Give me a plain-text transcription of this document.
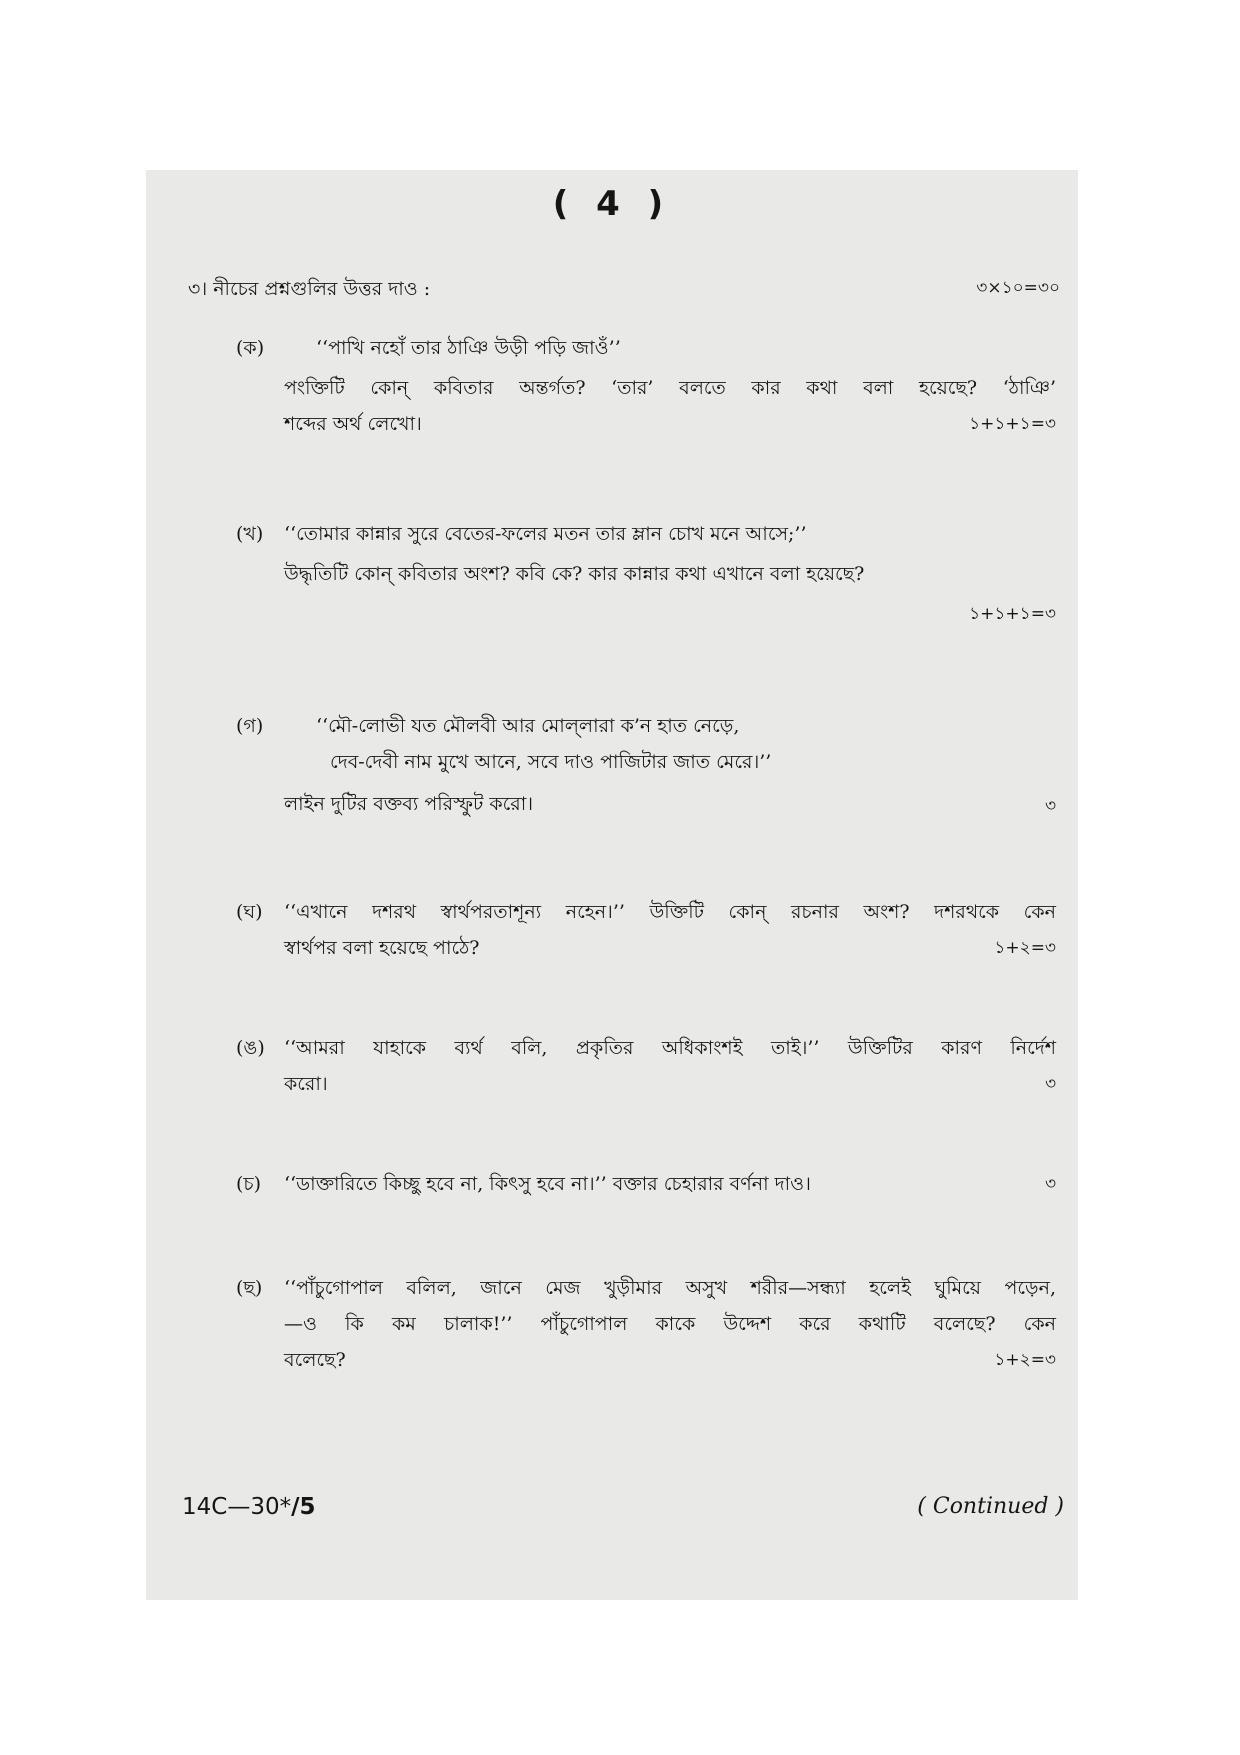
( 4 )
৩। নীচের প্রশ্নগুলির উত্তর দাও :	৩×১০=৩০
(ক)	‘‘পাখি নহোঁ তার ঠাঞি উড়ী পড়ি জাওঁ’’
পংক্তিটি কোন্ কবিতার অন্তর্গত? ‘তার’ বলতে কার কথা বলা হয়েছে? ‘ঠাঞি’
শব্দের অর্থ লেখো।	১+১+১=৩
(খ)	‘‘তোমার কান্নার সুরে বেতের-ফলের মতন তার ম্লান চোখ মনে আসে;’’
উদ্ধৃতিটি কোন্ কবিতার অংশ? কবি কে? কার কান্নার কথা এখানে বলা হয়েছে?
১+১+১=৩
(গ)	‘‘মৌ-লোভী যত মৌলবী আর মোল্‌লারা ক’ন হাত নেড়ে,
দেব-দেবী নাম মুখে আনে, সবে দাও পাজিটার জাত মেরে।’’
লাইন দুটির বক্তব্য পরিস্ফুট করো।	৩
(ঘ)	‘‘এখানে দশরথ স্বার্থপরতাশূন্য নহেন।’’ উক্তিটি কোন্ রচনার অংশ? দশরথকে কেন
স্বার্থপর বলা হয়েছে পাঠে?	১+২=৩
(ঙ)	‘‘আমরা যাহাকে ব্যর্থ বলি, প্রকৃতির অধিকাংশই তাই।’’ উক্তিটির কারণ নির্দেশ
করো।	৩
(চ)	‘‘ডাক্তারিতে কিচ্ছু হবে না, কিৎসু হবে না।’’ বক্তার চেহারার বর্ণনা দাও।	৩
(ছ)	‘‘পাঁচুগোপাল বলিল, জানে মেজ খুড়ীমার অসুখ শরীর—সন্ধ্যা হলেই ঘুমিয়ে পড়েন,
—ও কি কম চালাক!’’ পাঁচুগোপাল কাকে উদ্দেশ করে কথাটি বলেছে? কেন
বলেছে?	১+২=৩
14C—30*/5	( Continued )
